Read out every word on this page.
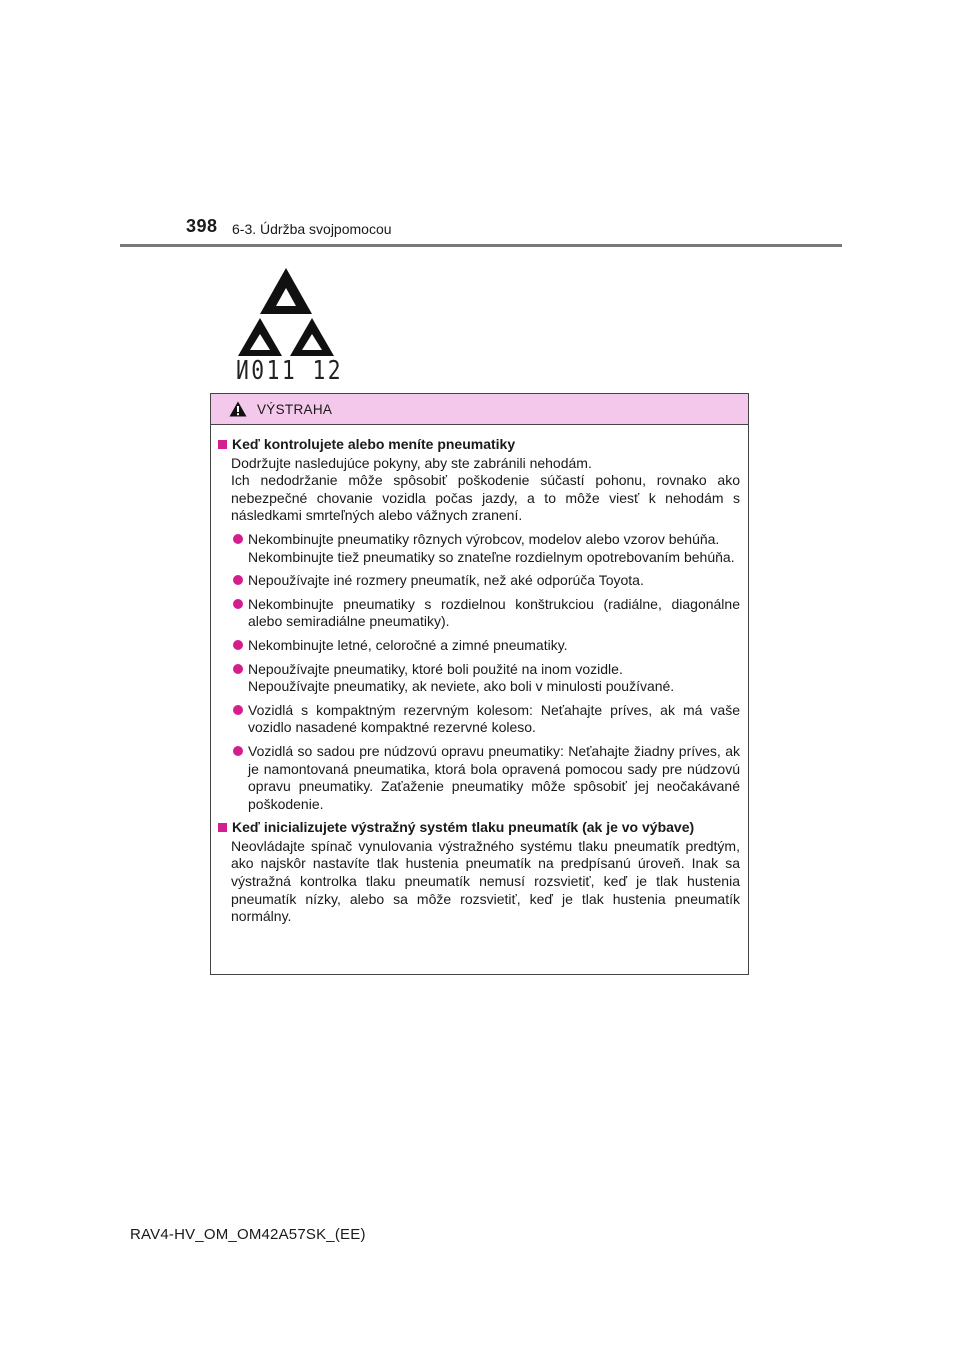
398 6-3. Údržba svojpomocou
И011 12
VÝSTRAHA
Keď kontrolujete alebo meníte pneumatiky

Dodržujte nasledujúce pokyny, aby ste zabránili nehodám.

Ich nedodržanie môže spôsobiť poškodenie súčastí pohonu, rovnako ako nebezpečné chovanie vozidla počas jazdy, a to môže viesť k nehodám s následkami smrteľných alebo vážnych zranení.

Nekombinujte pneumatiky rôznych výrobcov, modelov alebo vzorov behúňa.

Nekombinujte tiež pneumatiky so znateľne rozdielnym opotrebovaním behúňa.

Nepoužívajte iné rozmery pneumatík, než aké odporúča Toyota.

Nekombinujte pneumatiky s rozdielnou konštrukciou (radiálne, diagonálne alebo semiradiálne pneumatiky).

Nekombinujte letné, celoročné a zimné pneumatiky.

Nepoužívajte pneumatiky, ktoré boli použité na inom vozidle.

Nepoužívajte pneumatiky, ak neviete, ako boli v minulosti používané.

Vozidlá s kompaktným rezervným kolesom: Neťahajte príves, ak má vaše vozidlo nasadené kompaktné rezervné koleso.

Vozidlá so sadou pre núdzovú opravu pneumatiky: Neťahajte žiadny príves, ak je namontovaná pneumatika, ktorá bola opravená pomocou sady pre núdzovú opravu pneumatiky. Zaťaženie pneumatiky môže spôsobiť jej neočakávané poškodenie.

Keď inicializujete výstražný systém tlaku pneumatík (ak je vo výbave)

Neovládajte spínač vynulovania výstražného systému tlaku pneumatík predtým, ako najskôr nastavíte tlak hustenia pneumatík na predpísanú úroveň. Inak sa výstražná kontrolka tlaku pneumatík nemusí rozsvietiť, keď je tlak hustenia pneumatík nízky, alebo sa môže rozsvietiť, keď je tlak hustenia pneumatík normálny.

RAV4-HV_OM_OM42A57SK_(EE)
